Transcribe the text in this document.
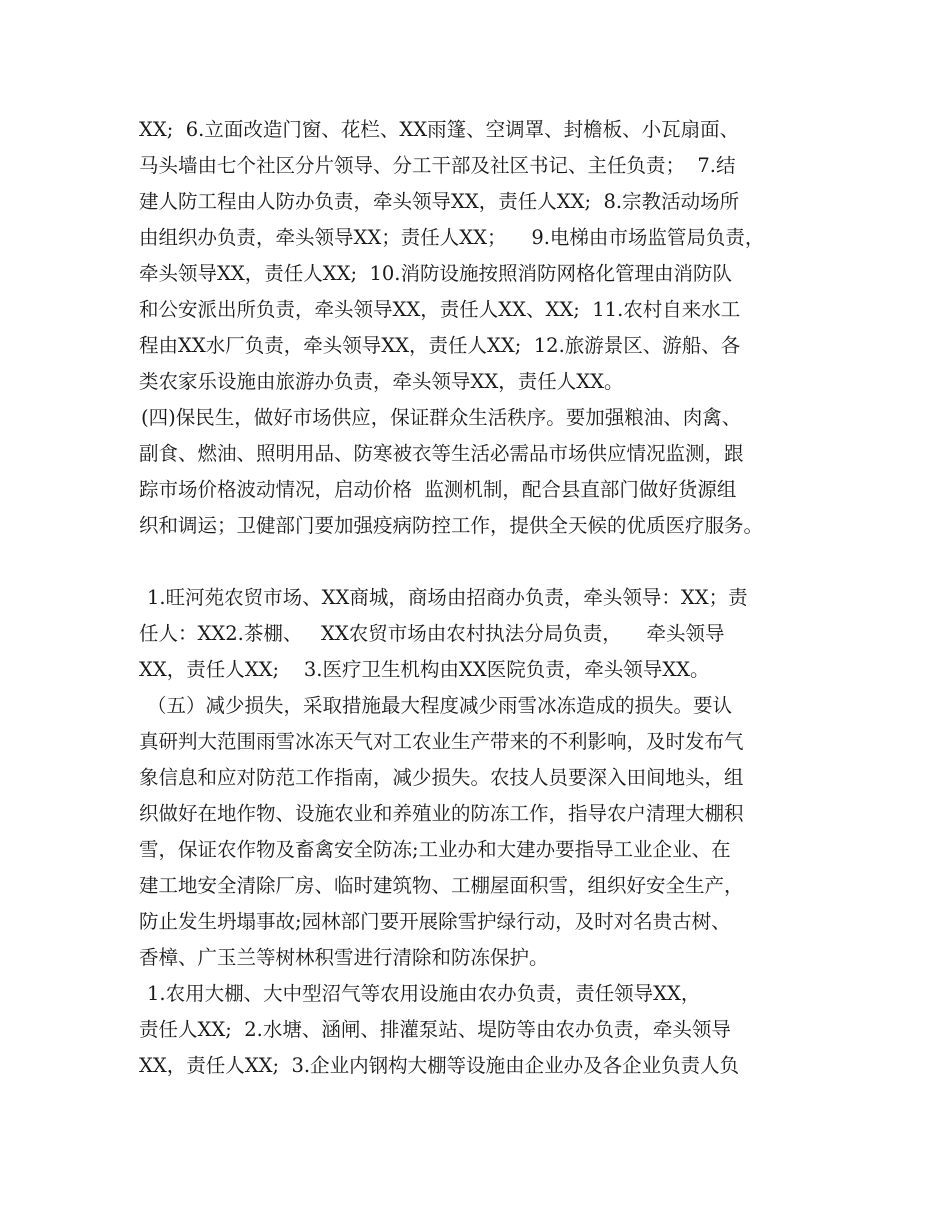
XX;  6.立面改造门窗、花栏、XX雨篷、空调罩、封檐板、小瓦扇面、
马头墙由七个社区分片领导、分工干部及社区书记、主任负责；  7.结
建人防工程由人防办负责，牵头领导XX，责任人XX;  8.宗教活动场所
由组织办负责，牵头领导XX；责任人XX；    9.电梯由市场监管局负责，
牵头领导XX，责任人XX;  10.消防设施按照消防网格化管理由消防队
和公安派出所负责，牵头领导XX，责任人XX、XX;  11.农村自来水工
程由XX水厂负责，牵头领导XX，责任人XX;  12.旅游景区、游船、各
类农家乐设施由旅游办负责，牵头领导XX，责任人XX。
(四)保民生，做好市场供应，保证群众生活秩序。要加强粮油、肉禽、
副食、燃油、照明用品、防寒被衣等生活必需品市场供应情况监测，跟
踪市场价格波动情况，启动价格  监测机制，配合县直部门做好货源组
织和调运；卫健部门要加强疫病防控工作，提供全天候的优质医疗服务。
1.旺河苑农贸市场、XX商城，商场由招商办负责，牵头领导：XX；责
任人：XX2.茶棚、   XX农贸市场由农村执法分局负责，    牵头领导
XX，责任人XX;    3.医疗卫生机构由XX医院负责，牵头领导XX。
（五）减少损失，采取措施最大程度减少雨雪冰冻造成的损失。要认
真研判大范围雨雪冰冻天气对工农业生产带来的不利影响，及时发布气
象信息和应对防范工作指南，减少损失。农技人员要深入田间地头，组
织做好在地作物、设施农业和养殖业的防冻工作，指导农户清理大棚积
雪，保证农作物及畜禽安全防冻;工业办和大建办要指导工业企业、在
建工地安全清除厂房、临时建筑物、工棚屋面积雪，组织好安全生产，
防止发生坍塌事故;园林部门要开展除雪护绿行动，及时对名贵古树、
香樟、广玉兰等树林积雪进行清除和防冻保护。
1.农用大棚、大中型沼气等农用设施由农办负责，责任领导XX，
责任人XX;  2.水塘、涵闸、排灌泵站、堤防等由农办负责，牵头领导
XX，责任人XX;  3.企业内钢构大棚等设施由企业办及各企业负责人负
